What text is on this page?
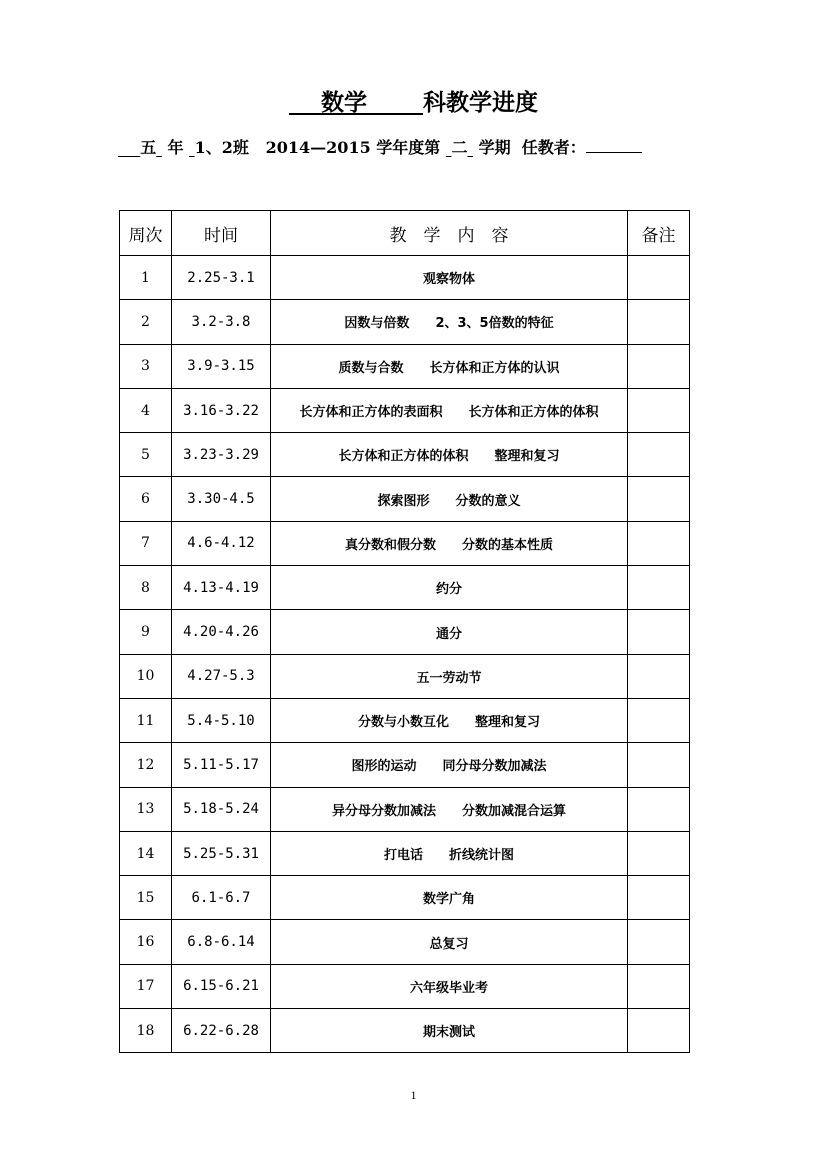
数学 科教学进度
五 年 1、2班 2014—2015 学年度第 二 学期 任教者：
周次	时间	教　学　内　容	备注
1	2.25-3.1	观察物体	
2	3.2-3.8	因数与倍数 2、3、5倍数的特征	
3	3.9-3.15	质数与合数 长方体和正方体的认识	
4	3.16-3.22	长方体和正方体的表面积 长方体和正方体的体积	
5	3.23-3.29	长方体和正方体的体积 整理和复习	
6	3.30-4.5	探索图形 分数的意义	
7	4.6-4.12	真分数和假分数 分数的基本性质	
8	4.13-4.19	约分	
9	4.20-4.26	通分	
10	4.27-5.3	五一劳动节	
11	5.4-5.10	分数与小数互化 整理和复习	
12	5.11-5.17	图形的运动 同分母分数加减法	
13	5.18-5.24	异分母分数加减法 分数加减混合运算	
14	5.25-5.31	打电话 折线统计图	
15	6.1-6.7	数学广角	
16	6.8-6.14	总复习	
17	6.15-6.21	六年级毕业考	
18	6.22-6.28	期末测试	
1
